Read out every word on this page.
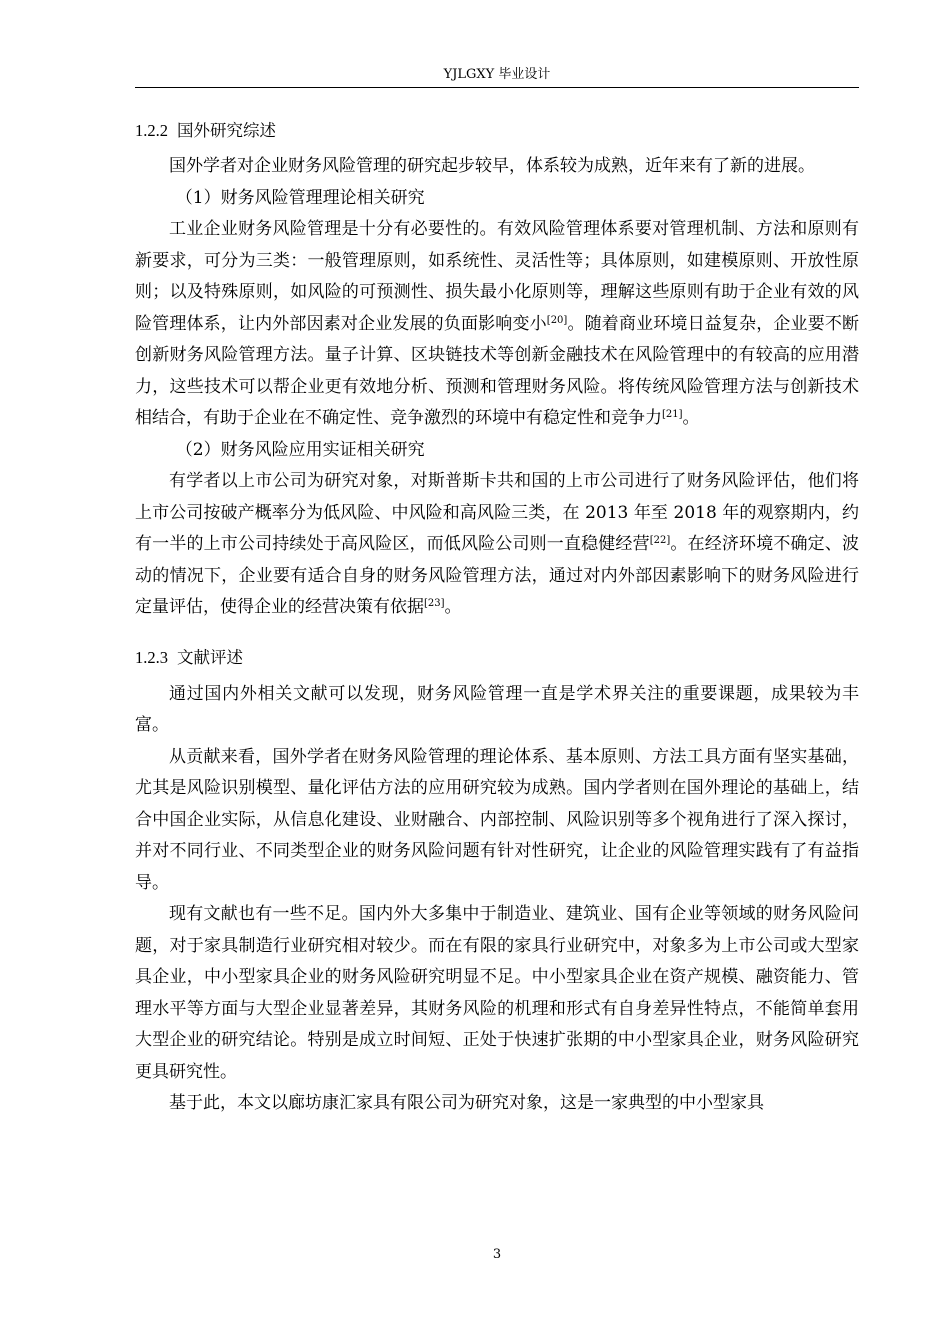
YJLGXY 毕业设计
1.2.2 国外研究综述

国外学者对企业财务风险管理的研究起步较早，体系较为成熟，近年来有了新的进展。

（1）财务风险管理理论相关研究

工业企业财务风险管理是十分有必要性的。有效风险管理体系要对管理机制、方法和原则有新要求，可分为三类：一般管理原则，如系统性、灵活性等；具体原则，如建模原则、开放性原则；以及特殊原则，如风险的可预测性、损失最小化原则等，理解这些原则有助于企业有效的风险管理体系，让内外部因素对企业发展的负面影响变小[20]。随着商业环境日益复杂，企业要不断创新财务风险管理方法。量子计算、区块链技术等创新金融技术在风险管理中的有较高的应用潜力，这些技术可以帮企业更有效地分析、预测和管理财务风险。将传统风险管理方法与创新技术相结合，有助于企业在不确定性、竞争激烈的环境中有稳定性和竞争力[21]。

（2）财务风险应用实证相关研究

有学者以上市公司为研究对象，对斯普斯卡共和国的上市公司进行了财务风险评估，他们将上市公司按破产概率分为低风险、中风险和高风险三类，在 2013 年至 2018 年的观察期内，约有一半的上市公司持续处于高风险区，而低风险公司则一直稳健经营[22]。在经济环境不确定、波动的情况下，企业要有适合自身的财务风险管理方法，通过对内外部因素影响下的财务风险进行定量评估，使得企业的经营决策有依据[23]。

1.2.3 文献评述

通过国内外相关文献可以发现，财务风险管理一直是学术界关注的重要课题，成果较为丰富。

从贡献来看，国外学者在财务风险管理的理论体系、基本原则、方法工具方面有坚实基础，尤其是风险识别模型、量化评估方法的应用研究较为成熟。国内学者则在国外理论的基础上，结合中国企业实际，从信息化建设、业财融合、内部控制、风险识别等多个视角进行了深入探讨，并对不同行业、不同类型企业的财务风险问题有针对性研究，让企业的风险管理实践有了有益指导。

现有文献也有一些不足。国内外大多集中于制造业、建筑业、国有企业等领域的财务风险问题，对于家具制造行业研究相对较少。而在有限的家具行业研究中，对象多为上市公司或大型家具企业，中小型家具企业的财务风险研究明显不足。中小型家具企业在资产规模、融资能力、管理水平等方面与大型企业显著差异，其财务风险的机理和形式有自身差异性特点，不能简单套用大型企业的研究结论。特别是成立时间短、正处于快速扩张期的中小型家具企业，财务风险研究更具研究性。

基于此，本文以廊坊康汇家具有限公司为研究对象，这是一家典型的中小型家具

3
